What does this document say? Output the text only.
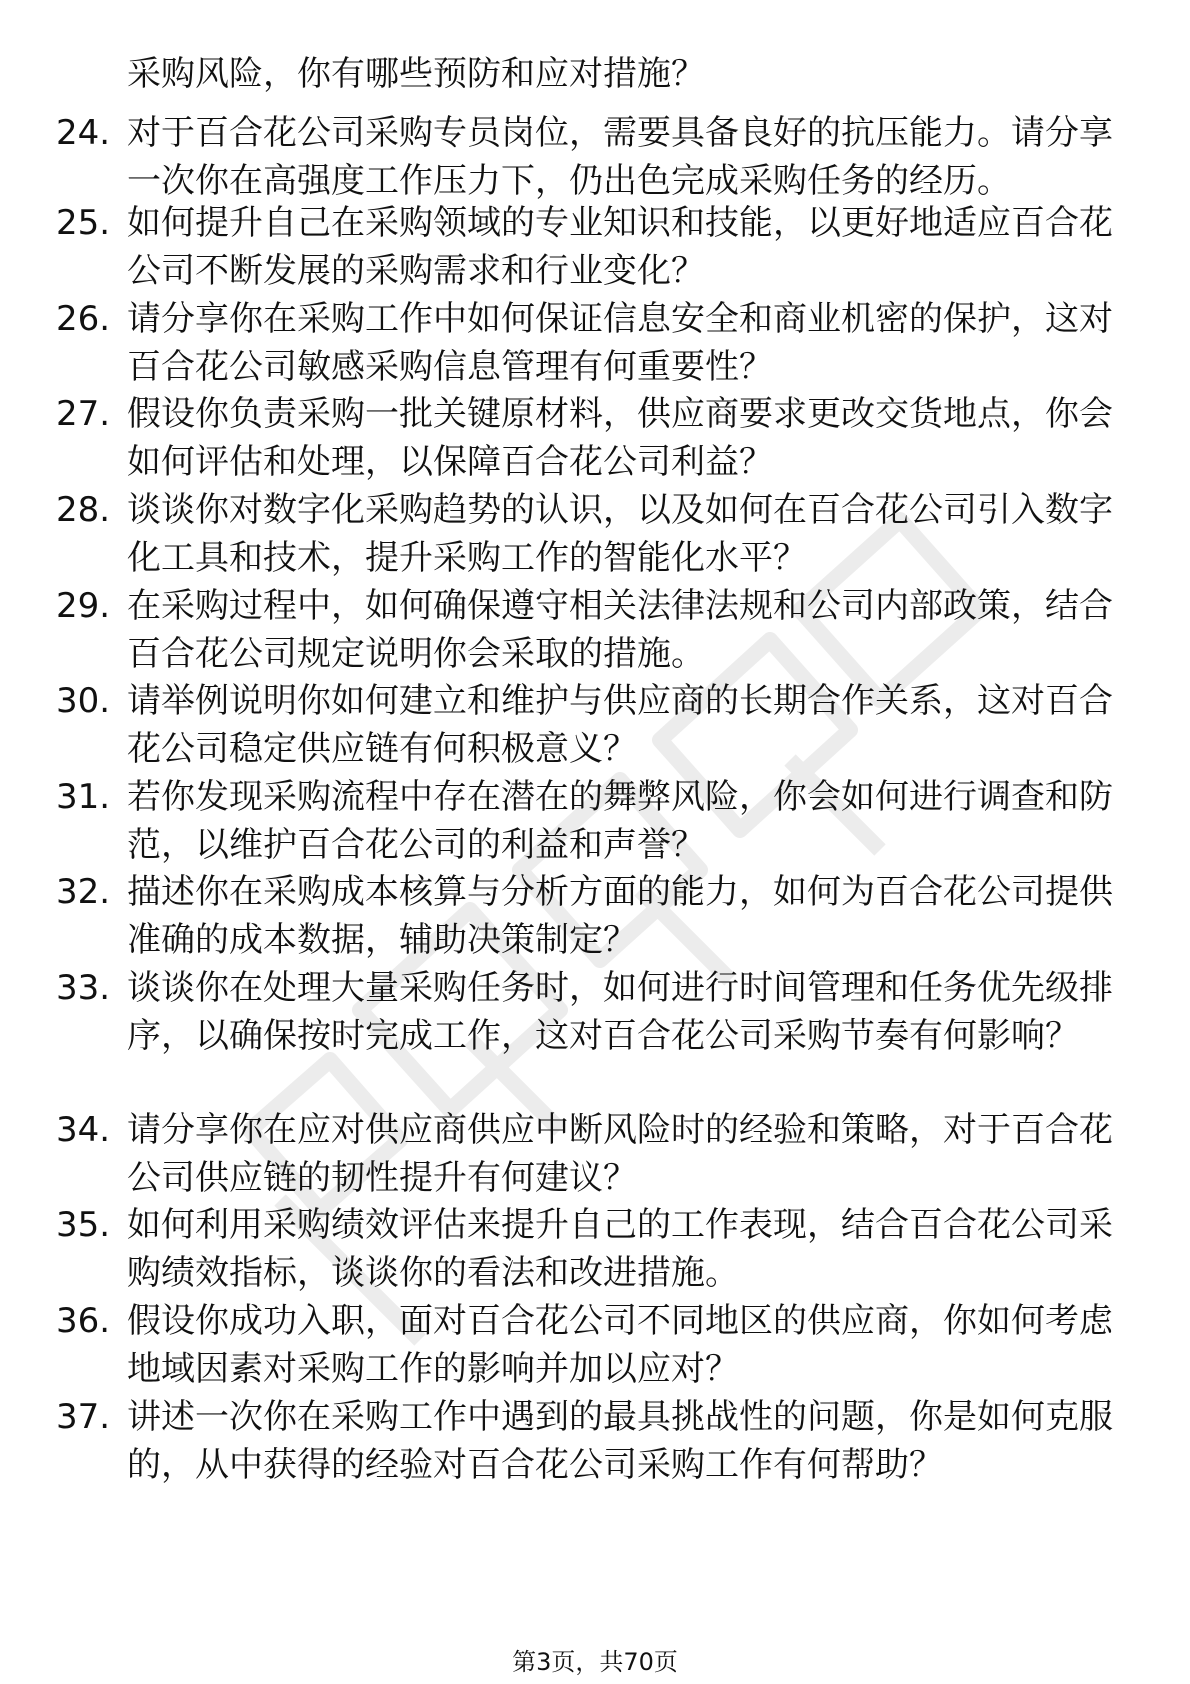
采购风险，你有哪些预防和应对措施？

24. 对于百合花公司采购专员岗位，需要具备良好的抗压能力。请分享一次你在高强度工作压力下，仍出色完成采购任务的经历。

25. 如何提升自己在采购领域的专业知识和技能，以更好地适应百合花公司不断发展的采购需求和行业变化？

26. 请分享你在采购工作中如何保证信息安全和商业机密的保护，这对百合花公司敏感采购信息管理有何重要性？

27. 假设你负责采购一批关键原材料，供应商要求更改交货地点，你会如何评估和处理，以保障百合花公司利益？

28. 谈谈你对数字化采购趋势的认识，以及如何在百合花公司引入数字化工具和技术，提升采购工作的智能化水平？

29. 在采购过程中，如何确保遵守相关法律法规和公司内部政策，结合百合花公司规定说明你会采取的措施。

30. 请举例说明你如何建立和维护与供应商的长期合作关系，这对百合花公司稳定供应链有何积极意义？

31. 若你发现采购流程中存在潜在的舞弊风险，你会如何进行调查和防范，以维护百合花公司的利益和声誉？

32. 描述你在采购成本核算与分析方面的能力，如何为百合花公司提供准确的成本数据，辅助决策制定？

33. 谈谈你在处理大量采购任务时，如何进行时间管理和任务优先级排序，以确保按时完成工作，这对百合花公司采购节奏有何影响？

34. 请分享你在应对供应商供应中断风险时的经验和策略，对于百合花公司供应链的韧性提升有何建议？

35. 如何利用采购绩效评估来提升自己的工作表现，结合百合花公司采购绩效指标，谈谈你的看法和改进措施。

36. 假设你成功入职，面对百合花公司不同地区的供应商，你如何考虑地域因素对采购工作的影响并加以应对？

37. 讲述一次你在采购工作中遇到的最具挑战性的问题，你是如何克服的，从中获得的经验对百合花公司采购工作有何帮助？

第3页，共70页
